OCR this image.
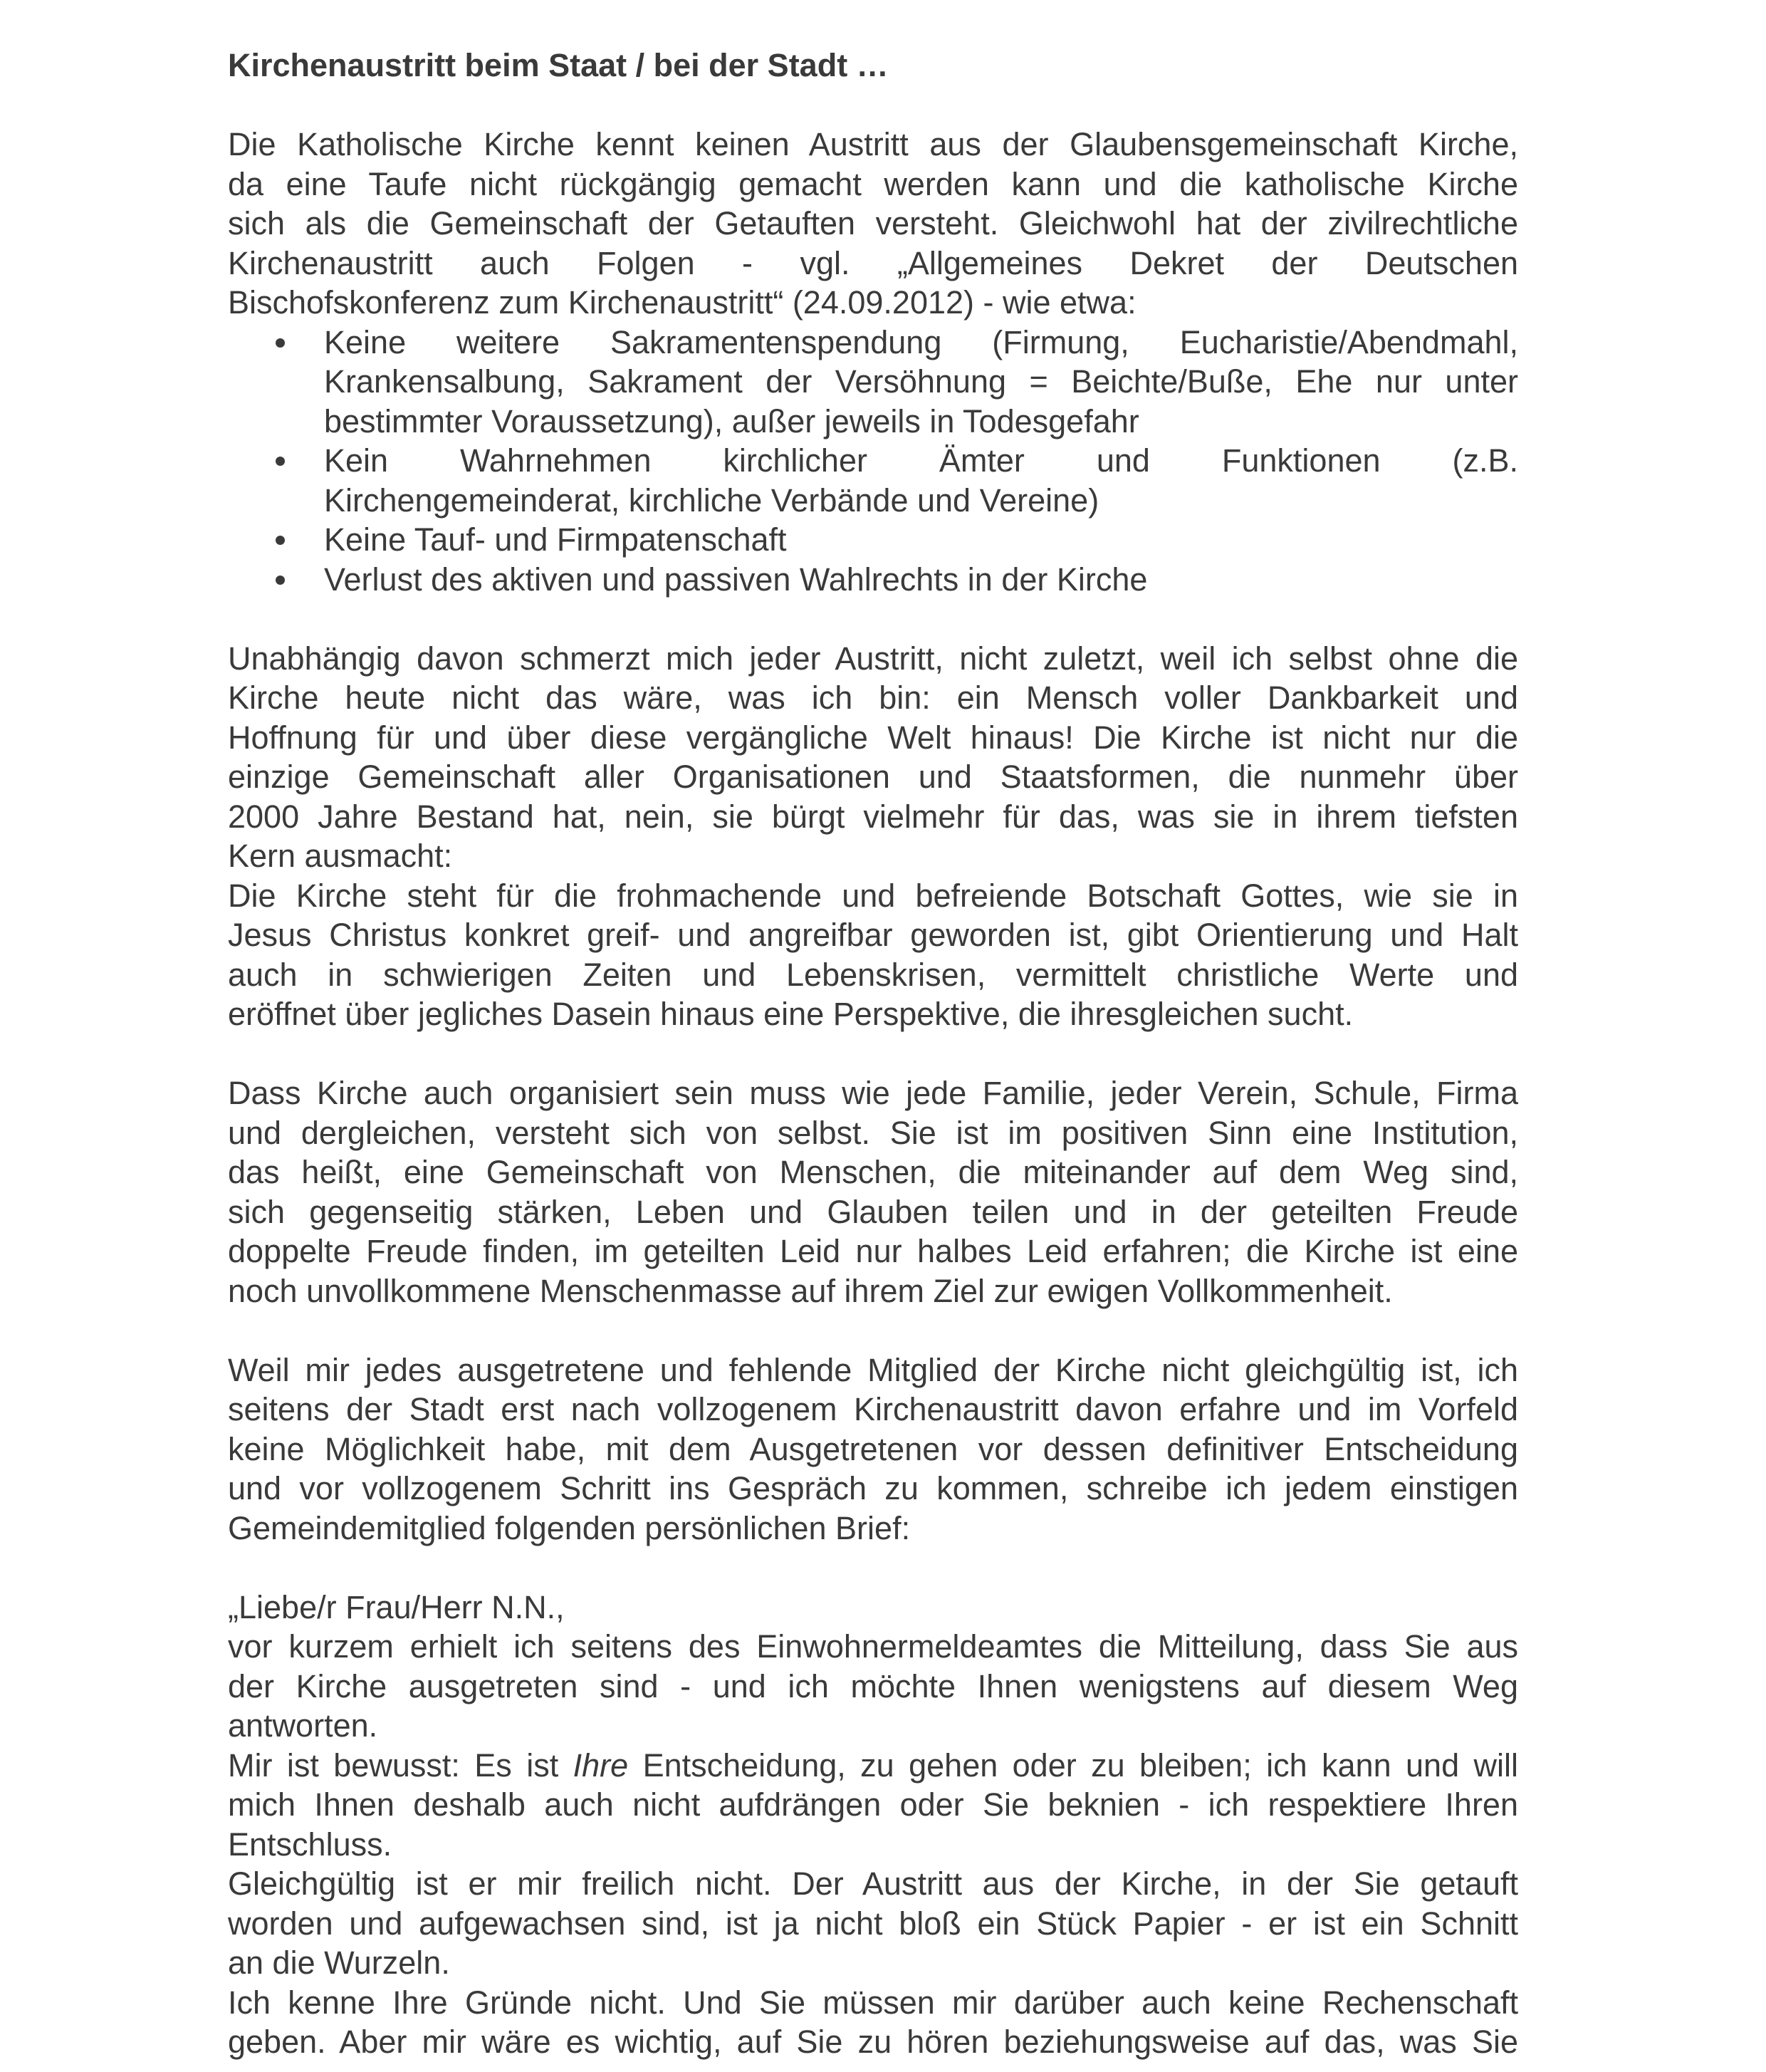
Kirchenaustritt beim Staat / bei der Stadt …
Die Katholische Kirche kennt keinen Austritt aus der Glaubensgemeinschaft Kirche,
da eine Taufe nicht rückgängig gemacht werden kann und die katholische Kirche
sich als die Gemeinschaft der Getauften versteht. Gleichwohl hat der zivilrechtliche
Kirchenaustritt auch Folgen - vgl. „Allgemeines Dekret der Deutschen
Bischofskonferenz zum Kirchenaustritt“ (24.09.2012) - wie etwa:
Keine weitere Sakramentenspendung (Firmung, Eucharistie/Abendmahl,
Krankensalbung, Sakrament der Versöhnung = Beichte/Buße, Ehe nur unter
bestimmter Voraussetzung), außer jeweils in Todesgefahr
Kein Wahrnehmen kirchlicher Ämter und Funktionen (z.B.
Kirchengemeinderat, kirchliche Verbände und Vereine)
Keine Tauf- und Firmpatenschaft
Verlust des aktiven und passiven Wahlrechts in der Kirche
Unabhängig davon schmerzt mich jeder Austritt, nicht zuletzt, weil ich selbst ohne die
Kirche heute nicht das wäre, was ich bin: ein Mensch voller Dankbarkeit und
Hoffnung für und über diese vergängliche Welt hinaus! Die Kirche ist nicht nur die
einzige Gemeinschaft aller Organisationen und Staatsformen, die nunmehr über
2000 Jahre Bestand hat, nein, sie bürgt vielmehr für das, was sie in ihrem tiefsten
Kern ausmacht:
Die Kirche steht für die frohmachende und befreiende Botschaft Gottes, wie sie in
Jesus Christus konkret greif- und angreifbar geworden ist, gibt Orientierung und Halt
auch in schwierigen Zeiten und Lebenskrisen, vermittelt christliche Werte und
eröffnet über jegliches Dasein hinaus eine Perspektive, die ihresgleichen sucht.
Dass Kirche auch organisiert sein muss wie jede Familie, jeder Verein, Schule, Firma
und dergleichen, versteht sich von selbst. Sie ist im positiven Sinn eine Institution,
das heißt, eine Gemeinschaft von Menschen, die miteinander auf dem Weg sind,
sich gegenseitig stärken, Leben und Glauben teilen und in der geteilten Freude
doppelte Freude finden, im geteilten Leid nur halbes Leid erfahren; die Kirche ist eine
noch unvollkommene Menschenmasse auf ihrem Ziel zur ewigen Vollkommenheit.
Weil mir jedes ausgetretene und fehlende Mitglied der Kirche nicht gleichgültig ist, ich
seitens der Stadt erst nach vollzogenem Kirchenaustritt davon erfahre und im Vorfeld
keine Möglichkeit habe, mit dem Ausgetretenen vor dessen definitiver Entscheidung
und vor vollzogenem Schritt ins Gespräch zu kommen, schreibe ich jedem einstigen
Gemeindemitglied folgenden persönlichen Brief:
„Liebe/r Frau/Herr N.N.,
vor kurzem erhielt ich seitens des Einwohnermeldeamtes die Mitteilung, dass Sie aus
der Kirche ausgetreten sind - und ich möchte Ihnen wenigstens auf diesem Weg
antworten.
Mir ist bewusst: Es ist Ihre Entscheidung, zu gehen oder zu bleiben; ich kann und will
mich Ihnen deshalb auch nicht aufdrängen oder Sie beknien - ich respektiere Ihren
Entschluss.
Gleichgültig ist er mir freilich nicht. Der Austritt aus der Kirche, in der Sie getauft
worden und aufgewachsen sind, ist ja nicht bloß ein Stück Papier - er ist ein Schnitt
an die Wurzeln.
Ich kenne Ihre Gründe nicht. Und Sie müssen mir darüber auch keine Rechenschaft
geben. Aber mir wäre es wichtig, auf Sie zu hören beziehungsweise auf das, was Sie
